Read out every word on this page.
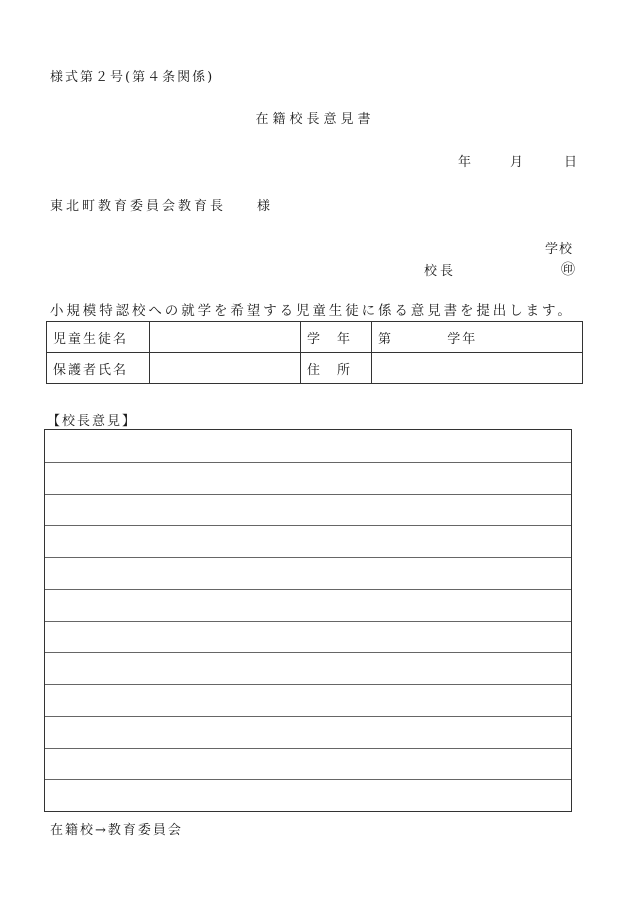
様式第２号(第４条関係)
在籍校長意見書
年	月	日
東北町教育委員会教育長 様
学校
校長	㊞
小規模特認校への就学を希望する児童生徒に係る意見書を提出します。
児童生徒名		学　年	第 学年
保護者氏名		住　所	
【校長意見】
在籍校→教育委員会
